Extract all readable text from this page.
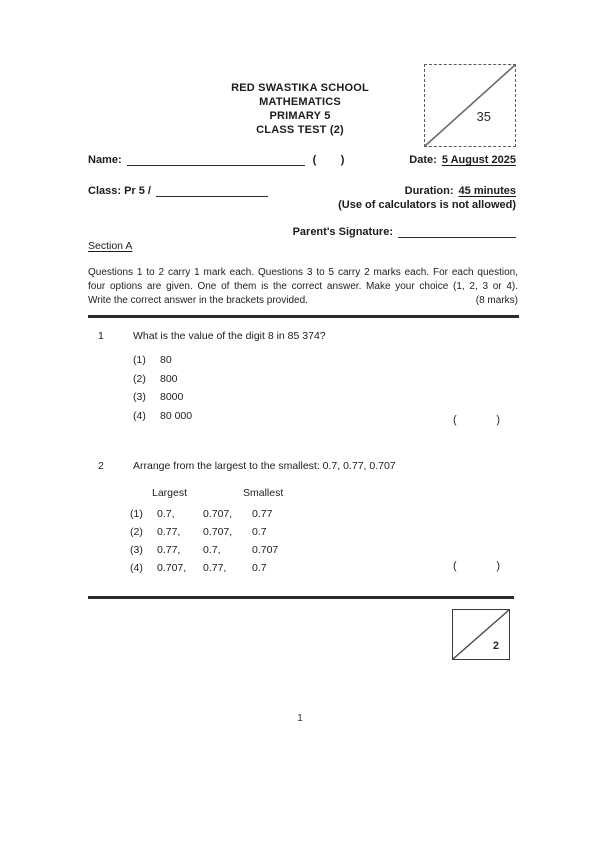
RED SWASTIKA SCHOOL
MATHEMATICS
PRIMARY 5
CLASS TEST (2)
35
Name:	(        )	Date: 5 August 2025
Class: Pr 5 /	Duration: 45 minutes
(Use of calculators is not allowed)
Parent's Signature:
Section A
Questions 1 to 2 carry 1 mark each. Questions 3 to 5 carry 2 marks each. For each question,
four options are given. One of them is the correct answer. Make your choice (1, 2, 3 or 4).
Write the correct answer in the brackets provided.	(8 marks)
1	What is the value of the digit 8 in 85 374?
(1)	80
(2)	800
(3)	8000
(4)	80 000	(             )
2	Arrange from the largest to the smallest: 0.7, 0.77, 0.707
Largest	Smallest
(1)	0.7,	0.707,	0.77
(2)	0.77,	0.707,	0.7
(3)	0.77,	0.7,	0.707
(4)	0.707,	0.77,	0.7	(             )
2
1
